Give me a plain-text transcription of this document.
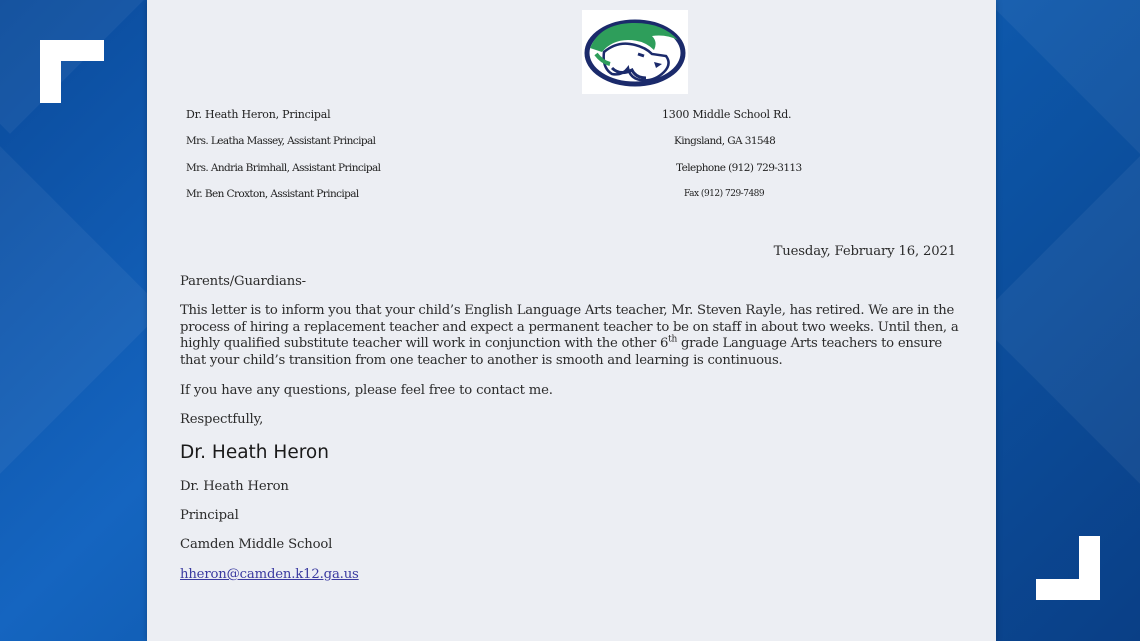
Dr. Heath Heron, Principal
Mrs. Leatha Massey, Assistant Principal
Mrs. Andria Brimhall, Assistant Principal
Mr. Ben Croxton, Assistant Principal
1300 Middle School Rd.
Kingsland, GA 31548
Telephone (912) 729-3113
Fax (912) 729-7489
Tuesday, February 16, 2021
Parents/Guardians-
This letter is to inform you that your child’s English Language Arts teacher, Mr. Steven Rayle, has retired. We are in the process of hiring a replacement teacher and expect a permanent teacher to be on staff in about two weeks. Until then, a highly qualified substitute teacher will work in conjunction with the other 6th grade Language Arts teachers to ensure that your child’s transition from one teacher to another is smooth and learning is continuous.
If you have any questions, please feel free to contact me.
Respectfully,
Dr. Heath Heron
Dr. Heath Heron
Principal
Camden Middle School
hheron@camden.k12.ga.us
